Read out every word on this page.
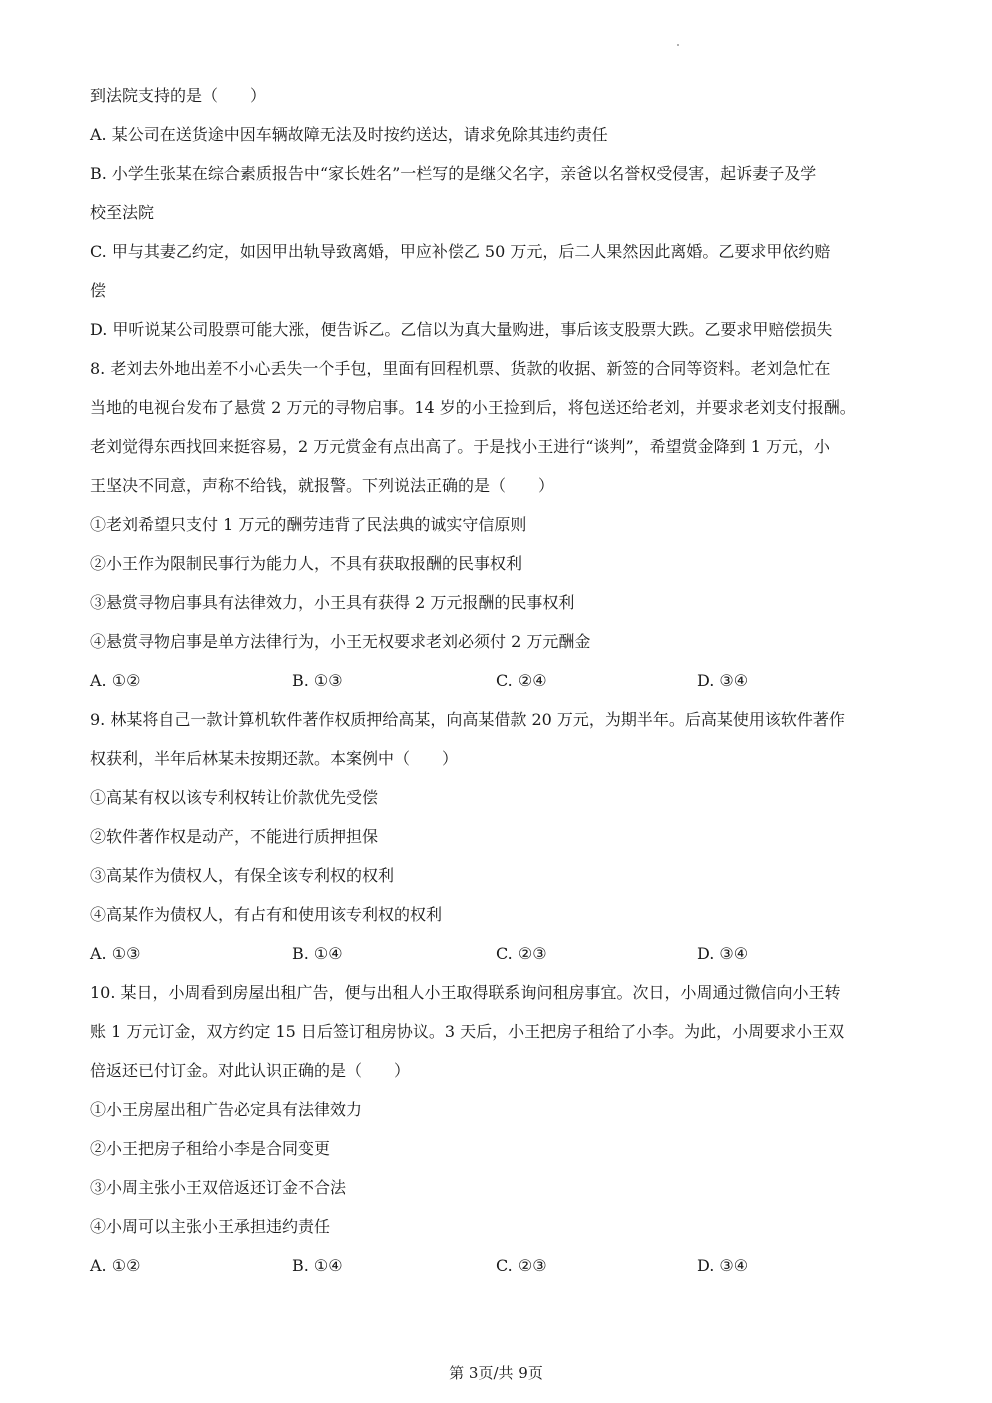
到法院支持的是（　　）
A. 某公司在送货途中因车辆故障无法及时按约送达，请求免除其违约责任
B. 小学生张某在综合素质报告中“家长姓名”一栏写的是继父名字，亲爸以名誉权受侵害，起诉妻子及学
校至法院
C. 甲与其妻乙约定，如因甲出轨导致离婚，甲应补偿乙 50 万元，后二人果然因此离婚。乙要求甲依约赔
偿
D. 甲听说某公司股票可能大涨，便告诉乙。乙信以为真大量购进，事后该支股票大跌。乙要求甲赔偿损失
8. 老刘去外地出差不小心丢失一个手包，里面有回程机票、货款的收据、新签的合同等资料。老刘急忙在
当地的电视台发布了悬赏 2 万元的寻物启事。14 岁的小王捡到后，将包送还给老刘，并要求老刘支付报酬。
老刘觉得东西找回来挺容易，2 万元赏金有点出高了。于是找小王进行“谈判”，希望赏金降到 1 万元，小
王坚决不同意，声称不给钱，就报警。下列说法正确的是（　　）
①老刘希望只支付 1 万元的酬劳违背了民法典的诚实守信原则
②小王作为限制民事行为能力人，不具有获取报酬的民事权利
③悬赏寻物启事具有法律效力，小王具有获得 2 万元报酬的民事权利
④悬赏寻物启事是单方法律行为，小王无权要求老刘必须付 2 万元酬金
A. ①②	B. ①③	C. ②④	D. ③④
9. 林某将自己一款计算机软件著作权质押给高某，向高某借款 20 万元，为期半年。后高某使用该软件著作
权获利，半年后林某未按期还款。本案例中（　　）
①高某有权以该专利权转让价款优先受偿
②软件著作权是动产，不能进行质押担保
③高某作为债权人，有保全该专利权的权利
④高某作为债权人，有占有和使用该专利权的权利
A. ①③	B. ①④	C. ②③	D. ③④
10. 某日，小周看到房屋出租广告，便与出租人小王取得联系询问租房事宜。次日，小周通过微信向小王转
账 1 万元订金，双方约定 15 日后签订租房协议。3 天后，小王把房子租给了小李。为此，小周要求小王双
倍返还已付订金。对此认识正确的是（　　）
①小王房屋出租广告必定具有法律效力
②小王把房子租给小李是合同变更
③小周主张小王双倍返还订金不合法
④小周可以主张小王承担违约责任
A. ①②	B. ①④	C. ②③	D. ③④
第 3页/共 9页
